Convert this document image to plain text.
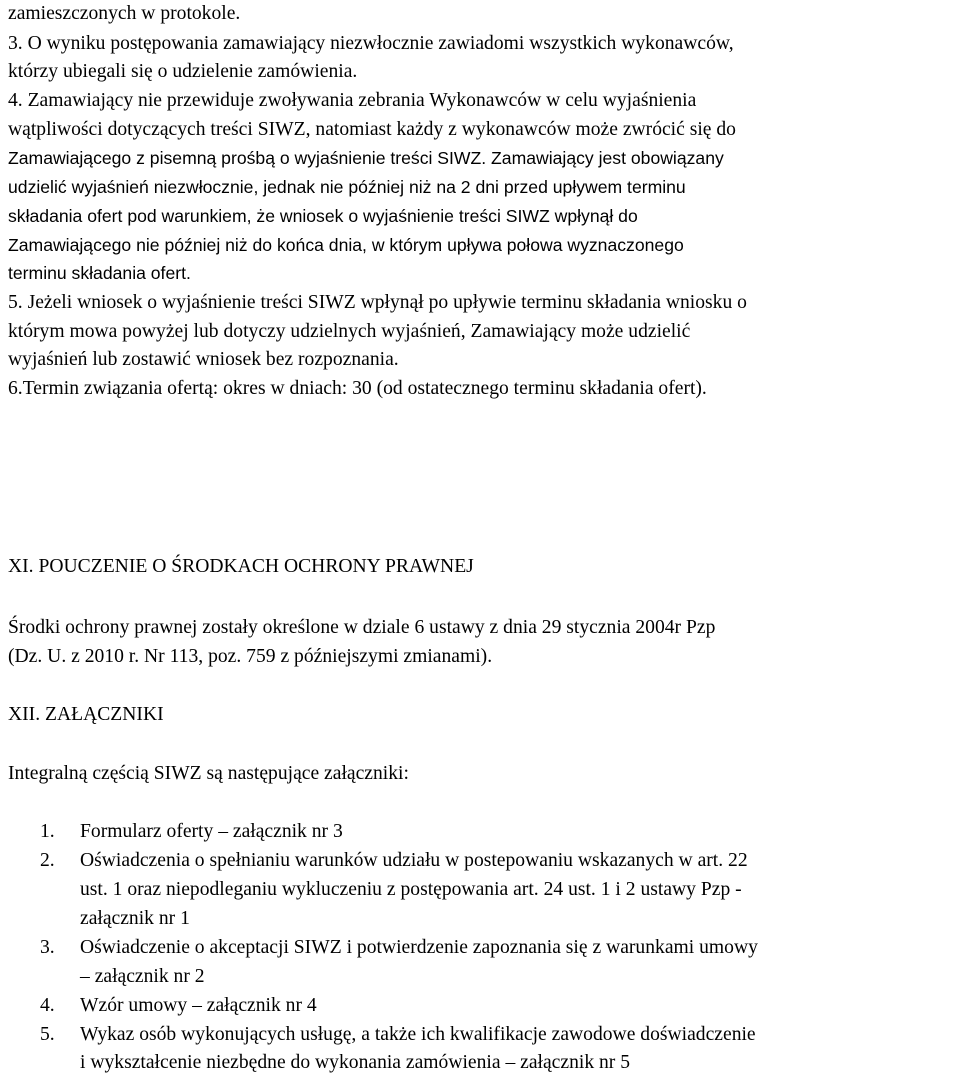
zamieszczonych w protokole.
3. O wyniku postępowania zamawiający niezwłocznie zawiadomi wszystkich wykonawców,
którzy ubiegali się o udzielenie zamówienia.
4. Zamawiający nie przewiduje zwoływania zebrania Wykonawców w celu wyjaśnienia
wątpliwości dotyczących treści SIWZ, natomiast każdy z wykonawców może zwrócić się do
Zamawiającego z pisemną prośbą o wyjaśnienie treści SIWZ. Zamawiający jest obowiązany
udzielić wyjaśnień niezwłocznie, jednak nie później niż na 2 dni przed upływem terminu
składania ofert pod warunkiem, że wniosek o wyjaśnienie treści SIWZ wpłynął do
Zamawiającego nie później niż do końca dnia, w którym upływa połowa wyznaczonego
terminu składania ofert.
5. Jeżeli wniosek o wyjaśnienie treści SIWZ wpłynął po upływie terminu składania wniosku o
którym mowa powyżej lub dotyczy udzielnych wyjaśnień, Zamawiający może udzielić
wyjaśnień lub zostawić wniosek bez rozpoznania.
6.Termin związania ofertą: okres w dniach: 30 (od ostatecznego terminu składania ofert).
XI. POUCZENIE O ŚRODKACH OCHRONY PRAWNEJ
Środki ochrony prawnej zostały określone w dziale 6 ustawy z dnia 29 stycznia 2004r Pzp
(Dz. U. z 2010 r. Nr 113, poz. 759 z późniejszymi zmianami).
XII. ZAŁĄCZNIKI
Integralną częścią SIWZ są następujące załączniki:
1. Formularz oferty – załącznik nr 3
2. Oświadczenia o spełnianiu warunków udziału w postepowaniu wskazanych w art. 22
ust. 1 oraz niepodleganiu wykluczeniu z postępowania art. 24 ust. 1 i 2 ustawy Pzp -
załącznik nr 1
3. Oświadczenie o akceptacji SIWZ i potwierdzenie zapoznania się z warunkami umowy
– załącznik nr 2
4. Wzór umowy – załącznik nr 4
5. Wykaz osób wykonujących usługę, a także ich kwalifikacje zawodowe doświadczenie
i wykształcenie niezbędne do wykonania zamówienia – załącznik nr 5
